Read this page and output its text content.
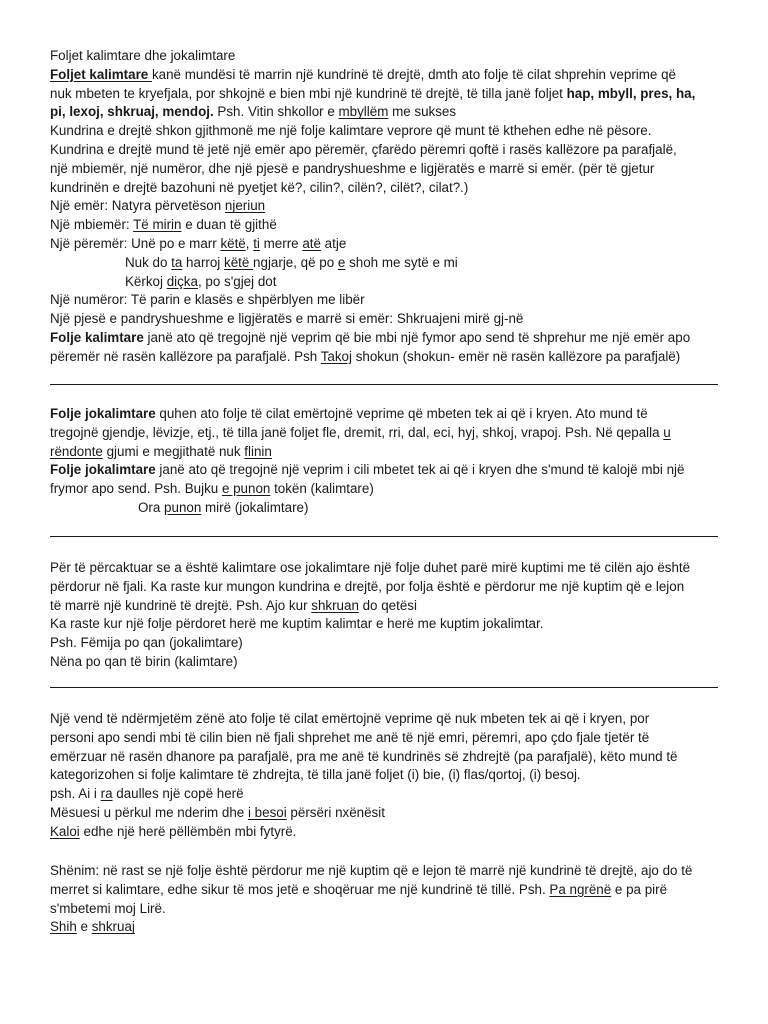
Foljet kalimtare dhe jokalimtare

Foljet kalimtare kanë mundësi të marrin një kundrinë të drejtë, dmth ato folje të cilat shprehin veprime që

nuk mbeten te kryefjala, por shkojnë e bien mbi një kundrinë të drejtë, të tilla janë foljet hap, mbyll, pres, ha,

pi, lexoj, shkruaj, mendoj. Psh. Vitin shkollor e mbyllëm me sukses

Kundrina e drejtë shkon gjithmonë me një folje kalimtare veprore që munt të kthehen edhe në pësore.

Kundrina e drejtë mund të jetë një emër apo përemër, çfarëdo përemri qoftë i rasës kallëzore pa parafjalë,

një mbiemër, një numëror, dhe një pjesë e pandryshueshme e ligjëratës e marrë si emër. (për të gjetur

kundrinën e drejtë bazohuni në pyetjet kë?, cilin?, cilën?, cilët?, cilat?.)

Një emër: Natyra përvetëson njeriun

Një mbiemër: Të mirin e duan të gjithë

Një përemër: Unë po e marr këtë, ti merre atë atje

Nuk do ta harroj këtë ngjarje, që po e shoh me sytë e mi

Kërkoj diçka, po s'gjej dot

Një numëror: Të parin e klasës e shpërblyen me libër

Një pjesë e pandryshueshme e ligjëratës e marrë si emër: Shkruajeni mirë gj-në

Folje kalimtare janë ato që tregojnë një veprim që bie mbi një fymor apo send të shprehur me një emër apo

përemër në rasën kallëzore pa parafjalë. Psh Takoj shokun (shokun- emër në rasën kallëzore pa parafjalë)

Folje jokalimtare quhen ato folje të cilat emërtojnë veprime që mbeten tek ai që i kryen. Ato mund të

tregojnë gjendje, lëvizje, etj., të tilla janë foljet fle, dremit, rri, dal, eci, hyj, shkoj, vrapoj. Psh. Në qepalla u

rëndonte gjumi e megjithatë nuk flinin

Folje jokalimtare janë ato që tregojnë një veprim i cili mbetet tek ai që i kryen dhe s'mund të kalojë mbi një

frymor apo send. Psh. Bujku e punon tokën (kalimtare)

Ora punon mirë (jokalimtare)

Për të përcaktuar se a është kalimtare ose jokalimtare një folje duhet parë mirë kuptimi me të cilën ajo është

përdorur në fjali. Ka raste kur mungon kundrina e drejtë, por folja është e përdorur me një kuptim që e lejon

të marrë një kundrinë të drejtë. Psh. Ajo kur shkruan do qetësi

Ka raste kur një folje përdoret herë me kuptim kalimtar e herë me kuptim jokalimtar.

Psh. Fëmija po qan (jokalimtare)

Nëna po qan të birin (kalimtare)

Një vend të ndërmjetëm zënë ato folje të cilat emërtojnë veprime që nuk mbeten tek ai që i kryen, por

personi apo sendi mbi të cilin bien në fjali shprehet me anë të një emri, përemri, apo çdo fjale tjetër të

emërzuar në rasën dhanore pa parafjalë, pra me anë të kundrinës së zhdrejtë (pa parafjalë), këto mund të

kategorizohen si folje kalimtare të zhdrejta, të tilla janë foljet (i) bie, (i) flas/qortoj, (i) besoj.

psh. Ai i ra daulles një copë herë

Mësuesi u përkul me nderim dhe i besoi përsëri nxënësit

Kaloi edhe një herë pëllëmbën mbi fytyrë.

Shënim: në rast se një folje është përdorur me një kuptim që e lejon të marrë një kundrinë të drejtë, ajo do të

merret si kalimtare, edhe sikur të mos jetë e shoqëruar me një kundrinë të tillë. Psh. Pa ngrënë e pa pirë

s'mbetemi moj Lirë.

Shih e shkruaj
